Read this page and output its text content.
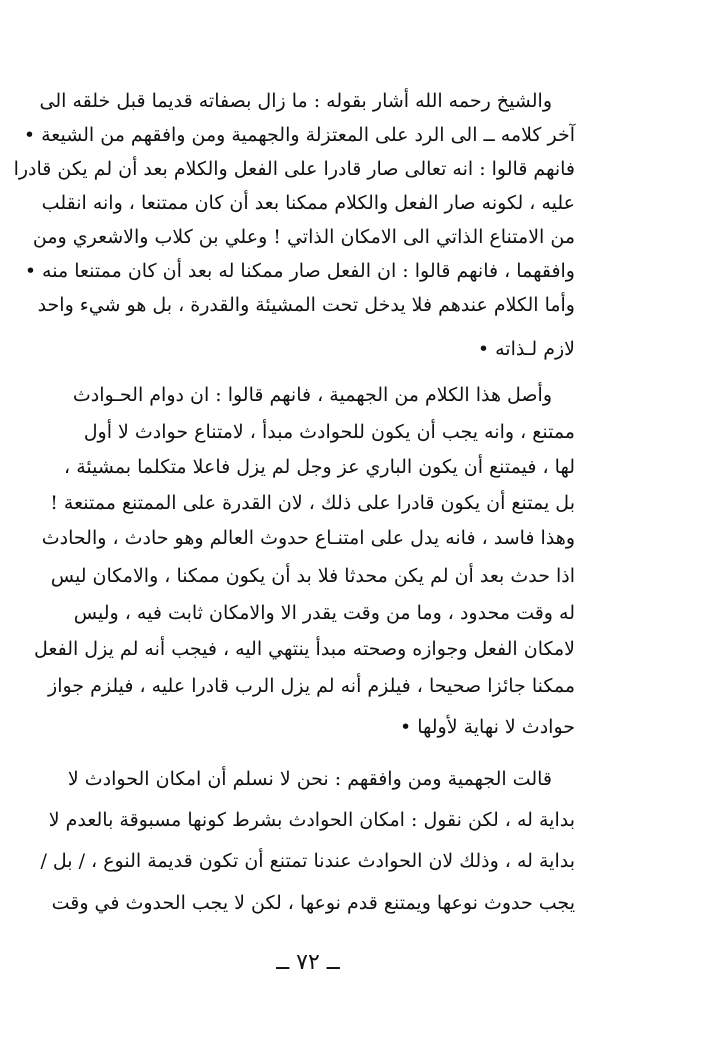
والشيخ رحمه الله أشار بقوله : ما زال بصفاته قديما قبل خلقه الى
آخر كلامه ــ الى الرد على المعتزلة والجهمية ومن وافقهم من الشيعة •
فانهم قالوا : انه تعالى صار قادرا على الفعل والكلام بعد أن لم يكن قادرا
عليه ، لكونه صار الفعل والكلام ممكنا بعد أن كان ممتنعا ، وانه انقلب
من الامتناع الذاتي الى الامكان الذاتي ! وعلي بن كلاب والاشعري ومن
وافقهما ، فانهم قالوا : ان الفعل صار ممكنا له بعد أن كان ممتنعا منه •
وأما الكلام عندهم فلا يدخل تحت المشيئة والقدرة ، بل هو شيء واحد
لازم لـذاته •
وأصل هذا الكلام من الجهمية ، فانهم قالوا : ان دوام الحـوادث
ممتنع ، وانه يجب أن يكون للحوادث مبدأ ، لامتناع حوادث لا أول
لها ، فيمتنع أن يكون الباري عز وجل لم يزل فاعلا متكلما بمشيئة ،
بل يمتنع أن يكون قادرا على ذلك ، لان القدرة على الممتنع ممتنعة !
وهذا فاسد ، فانه يدل على امتنـاع حدوث العالم وهو حادث ، والحادث
اذا حدث بعد أن لم يكن محدثا فلا بد أن يكون ممكنا ، والامكان ليس
له وقت محدود ، وما من وقت يقدر الا والامكان ثابت فيه ، وليس
لامكان الفعل وجوازه وصحته مبدأ ينتهي اليه ، فيجب أنه لم يزل الفعل
ممكنا جائزا صحيحا ، فيلزم أنه لم يزل الرب قادرا عليه ، فيلزم جواز
حوادث لا نهاية لأولها •
قالت الجهمية ومن وافقهم : نحن لا نسلم أن امكان الحوادث لا
بداية له ، لكن نقول : امكان الحوادث بشرط كونها مسبوقة بالعدم لا
بداية له ، وذلك لان الحوادث عندنا تمتنع أن تكون قديمة النوع ، / بل /
يجب حدوث نوعها ويمتنع قدم نوعها ، لكن لا يجب الحدوث في وقت
ــ ٧٢ ــ
